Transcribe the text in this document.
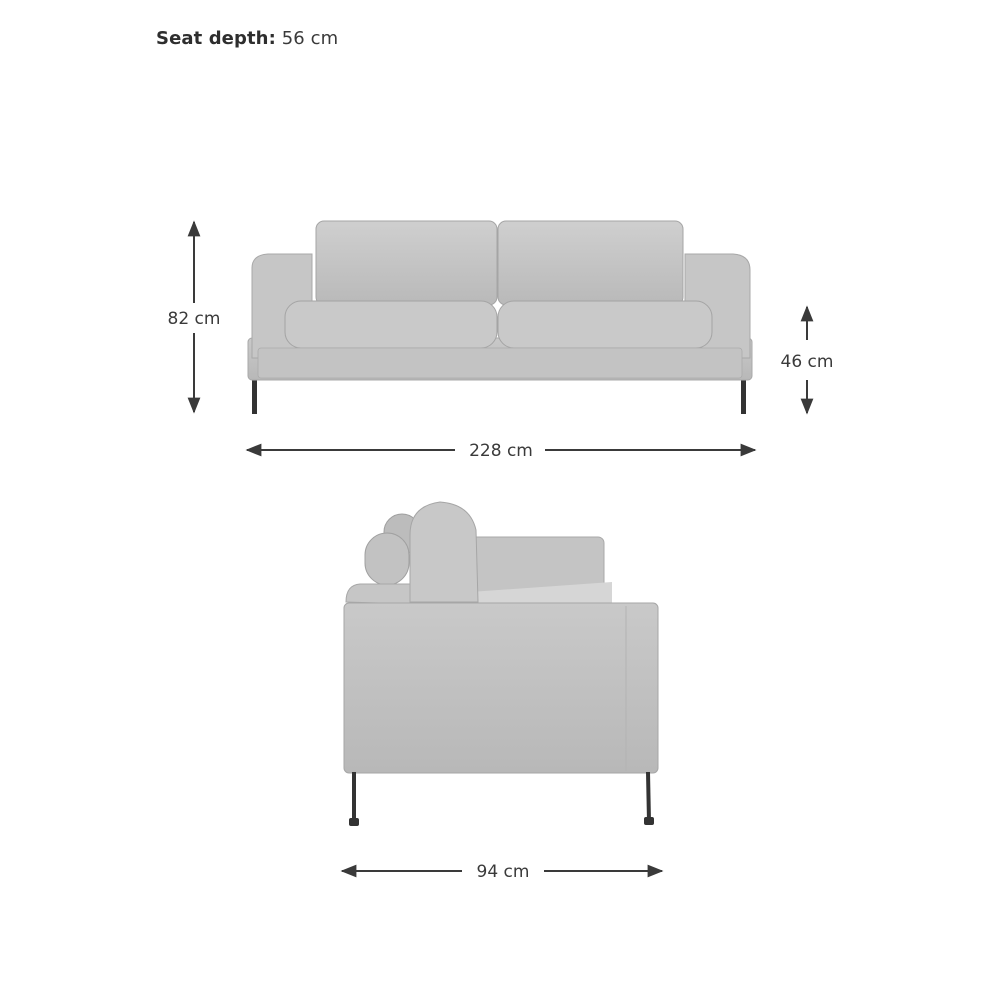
Seat depth: 56 cm
82 cm
46 cm
228 cm
94 cm
